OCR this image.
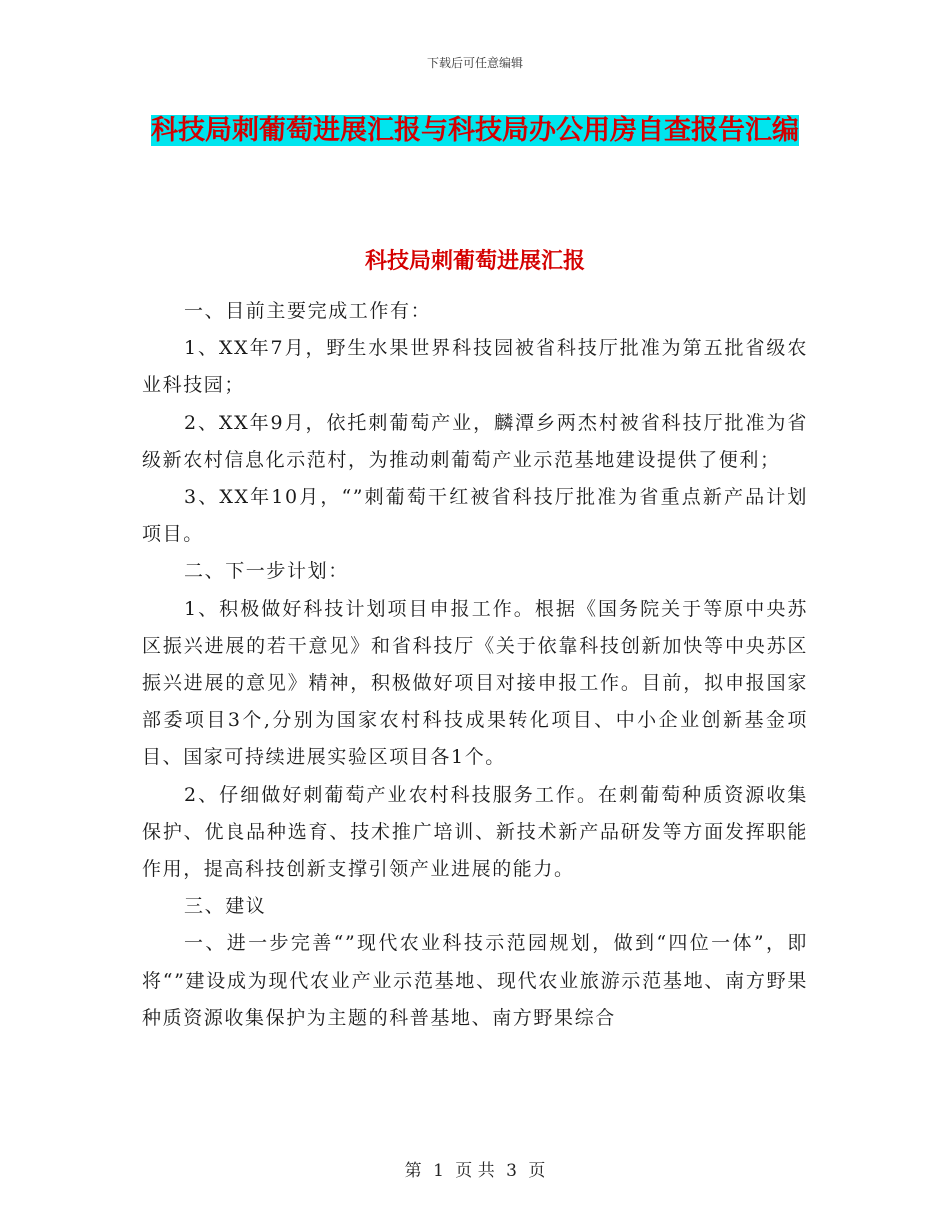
下载后可任意编辑
科技局刺葡萄进展汇报与科技局办公用房自查报告汇编
科技局刺葡萄进展汇报

一、目前主要完成工作有：

1、XX年7月，野生水果世界科技园被省科技厅批准为第五批省级农业科技园；

2、XX年9月，依托刺葡萄产业，麟潭乡两杰村被省科技厅批准为省级新农村信息化示范村，为推动刺葡萄产业示范基地建设提供了便利；

3、XX年10月，“”刺葡萄干红被省科技厅批准为省重点新产品计划项目。

二、下一步计划：

1、积极做好科技计划项目申报工作。根据《国务院关于等原中央苏区振兴进展的若干意见》和省科技厅《关于依靠科技创新加快等中央苏区振兴进展的意见》精神，积极做好项目对接申报工作。目前，拟申报国家部委项目3个,分别为国家农村科技成果转化项目、中小企业创新基金项目、国家可持续进展实验区项目各1个。

2、仔细做好刺葡萄产业农村科技服务工作。在刺葡萄种质资源收集保护、优良品种选育、技术推广培训、新技术新产品研发等方面发挥职能作用，提高科技创新支撑引领产业进展的能力。

三、建议

一、进一步完善“”现代农业科技示范园规划，做到“四位一体”，即将“”建设成为现代农业产业示范基地、现代农业旅游示范基地、南方野果种质资源收集保护为主题的科普基地、南方野果综合

第 1 页 共 3 页
